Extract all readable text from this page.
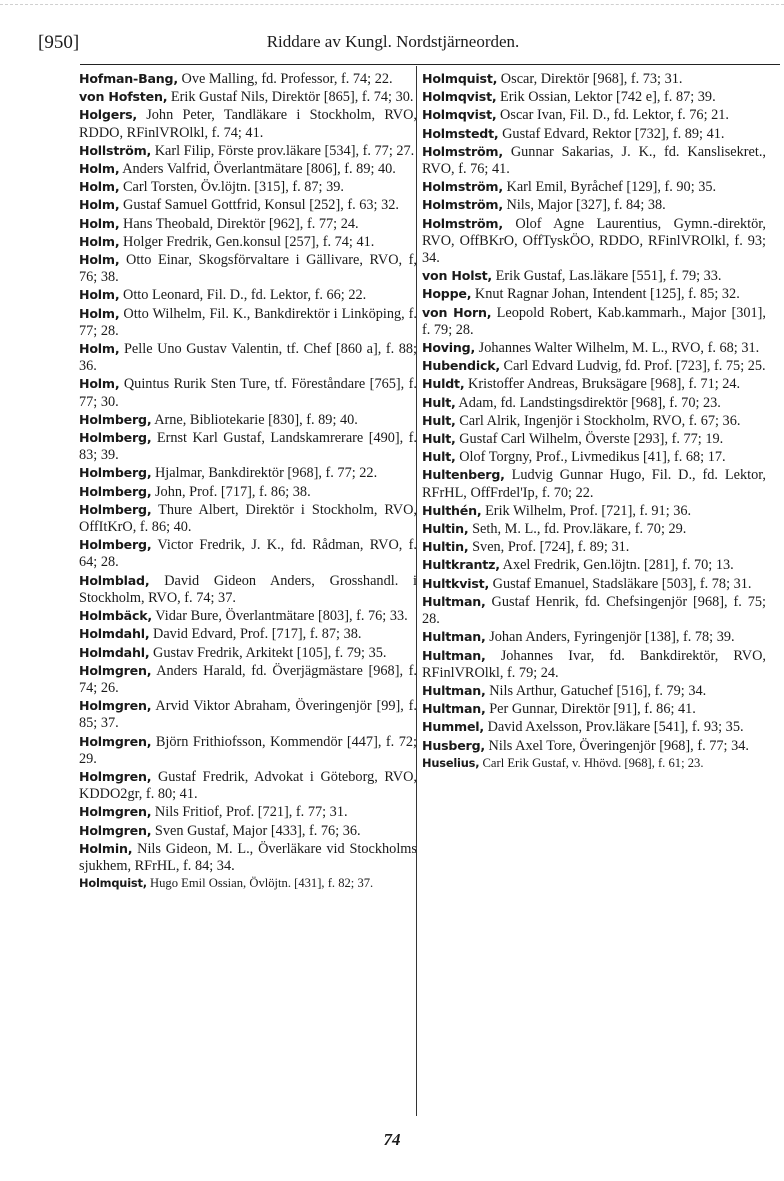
[950]	Riddare av Kungl. Nordstjärneorden.
Hofman-Bang, Ove Malling, fd. Professor, f. 74; 22.
von Hofsten, Erik Gustaf Nils, Direktör [865], f. 74; 30.
Holgers, John Peter, Tandläkare i Stockholm, RVO, RDDO, RFinlVROlkl, f. 74; 41.
Hollström, Karl Filip, Förste prov.läkare [534], f. 77; 27.
Holm, Anders Valfrid, Överlantmätare [806], f. 89; 40.
Holm, Carl Torsten, Öv.löjtn. [315], f. 87; 39.
Holm, Gustaf Samuel Gottfrid, Konsul [252], f. 63; 32.
Holm, Hans Theobald, Direktör [962], f. 77; 24.
Holm, Holger Fredrik, Gen.konsul [257], f. 74; 41.
Holm, Otto Einar, Skogsförvaltare i Gällivare, RVO, f, 76; 38.
Holm, Otto Leonard, Fil. D., fd. Lektor, f. 66; 22.
Holm, Otto Wilhelm, Fil. K., Bankdirektör i Linköping, f. 77; 28.
Holm, Pelle Uno Gustav Valentin, tf. Chef [860 a], f. 88; 36.
Holm, Quintus Rurik Sten Ture, tf. Föreståndare [765], f. 77; 30.
Holmberg, Arne, Bibliotekarie [830], f. 89; 40.
Holmberg, Ernst Karl Gustaf, Landskamrerare [490], f. 83; 39.
Holmberg, Hjalmar, Bankdirektör [968], f. 77; 22.
Holmberg, John, Prof. [717], f. 86; 38.
Holmberg, Thure Albert, Direktör i Stockholm, RVO, OffItKrO, f. 86; 40.
Holmberg, Victor Fredrik, J. K., fd. Rådman, RVO, f. 64; 28.
Holmblad, David Gideon Anders, Grosshandl. i Stockholm, RVO, f. 74; 37.
Holmbäck, Vidar Bure, Överlantmätare [803], f. 76; 33.
Holmdahl, David Edvard, Prof. [717], f. 87; 38.
Holmdahl, Gustav Fredrik, Arkitekt [105], f. 79; 35.
Holmgren, Anders Harald, fd. Överjägmästare [968], f. 74; 26.
Holmgren, Arvid Viktor Abraham, Överingenjör [99], f. 85; 37.
Holmgren, Björn Frithiofsson, Kommendör [447], f. 72; 29.
Holmgren, Gustaf Fredrik, Advokat i Göteborg, RVO, KDDO2gr, f. 80; 41.
Holmgren, Nils Fritiof, Prof. [721], f. 77; 31.
Holmgren, Sven Gustaf, Major [433], f. 76; 36.
Holmin, Nils Gideon, M. L., Överläkare vid Stockholms sjukhem, RFrHL, f. 84; 34.
Holmquist, Hugo Emil Ossian, Övlöjtn. [431], f. 82; 37.
Holmquist, Oscar, Direktör [968], f. 73; 31.
Holmqvist, Erik Ossian, Lektor [742 e], f. 87; 39.
Holmqvist, Oscar Ivan, Fil. D., fd. Lektor, f. 76; 21.
Holmstedt, Gustaf Edvard, Rektor [732], f. 89; 41.
Holmström, Gunnar Sakarias, J. K., fd. Kanslisekret., RVO, f. 76; 41.
Holmström, Karl Emil, Byråchef [129], f. 90; 35.
Holmström, Nils, Major [327], f. 84; 38.
Holmström, Olof Agne Laurentius, Gymn.-direktör, RVO, OffBKrO, OffTyskÖO, RDDO, RFinlVROlkl, f. 93; 34.
von Holst, Erik Gustaf, Las.läkare [551], f. 79; 33.
Hoppe, Knut Ragnar Johan, Intendent [125], f. 85; 32.
von Horn, Leopold Robert, Kab.kammarh., Major [301], f. 79; 28.
Hoving, Johannes Walter Wilhelm, M. L., RVO, f. 68; 31.
Hubendick, Carl Edvard Ludvig, fd. Prof. [723], f. 75; 25.
Huldt, Kristoffer Andreas, Bruksägare [968], f. 71; 24.
Hult, Adam, fd. Landstingsdirektör [968], f. 70; 23.
Hult, Carl Alrik, Ingenjör i Stockholm, RVO, f. 67; 36.
Hult, Gustaf Carl Wilhelm, Överste [293], f. 77; 19.
Hult, Olof Torgny, Prof., Livmedikus [41], f. 68; 17.
Hultenberg, Ludvig Gunnar Hugo, Fil. D., fd. Lektor, RFrHL, OffFrdel'Ip, f. 70; 22.
Hulthén, Erik Wilhelm, Prof. [721], f. 91; 36.
Hultin, Seth, M. L., fd. Prov.läkare, f. 70; 29.
Hultin, Sven, Prof. [724], f. 89; 31.
Hultkrantz, Axel Fredrik, Gen.löjtn. [281], f. 70; 13.
Hultkvist, Gustaf Emanuel, Stadsläkare [503], f. 78; 31.
Hultman, Gustaf Henrik, fd. Chefsingenjör [968], f. 75; 28.
Hultman, Johan Anders, Fyringenjör [138], f. 78; 39.
Hultman, Johannes Ivar, fd. Bankdirektör, RVO, RFinlVROlkl, f. 79; 24.
Hultman, Nils Arthur, Gatuchef [516], f. 79; 34.
Hultman, Per Gunnar, Direktör [91], f. 86; 41.
Hummel, David Axelsson, Prov.läkare [541], f. 93; 35.
Husberg, Nils Axel Tore, Överingenjör [968], f. 77; 34.
Huselius, Carl Erik Gustaf, v. Hhövd. [968], f. 61; 23.
74
